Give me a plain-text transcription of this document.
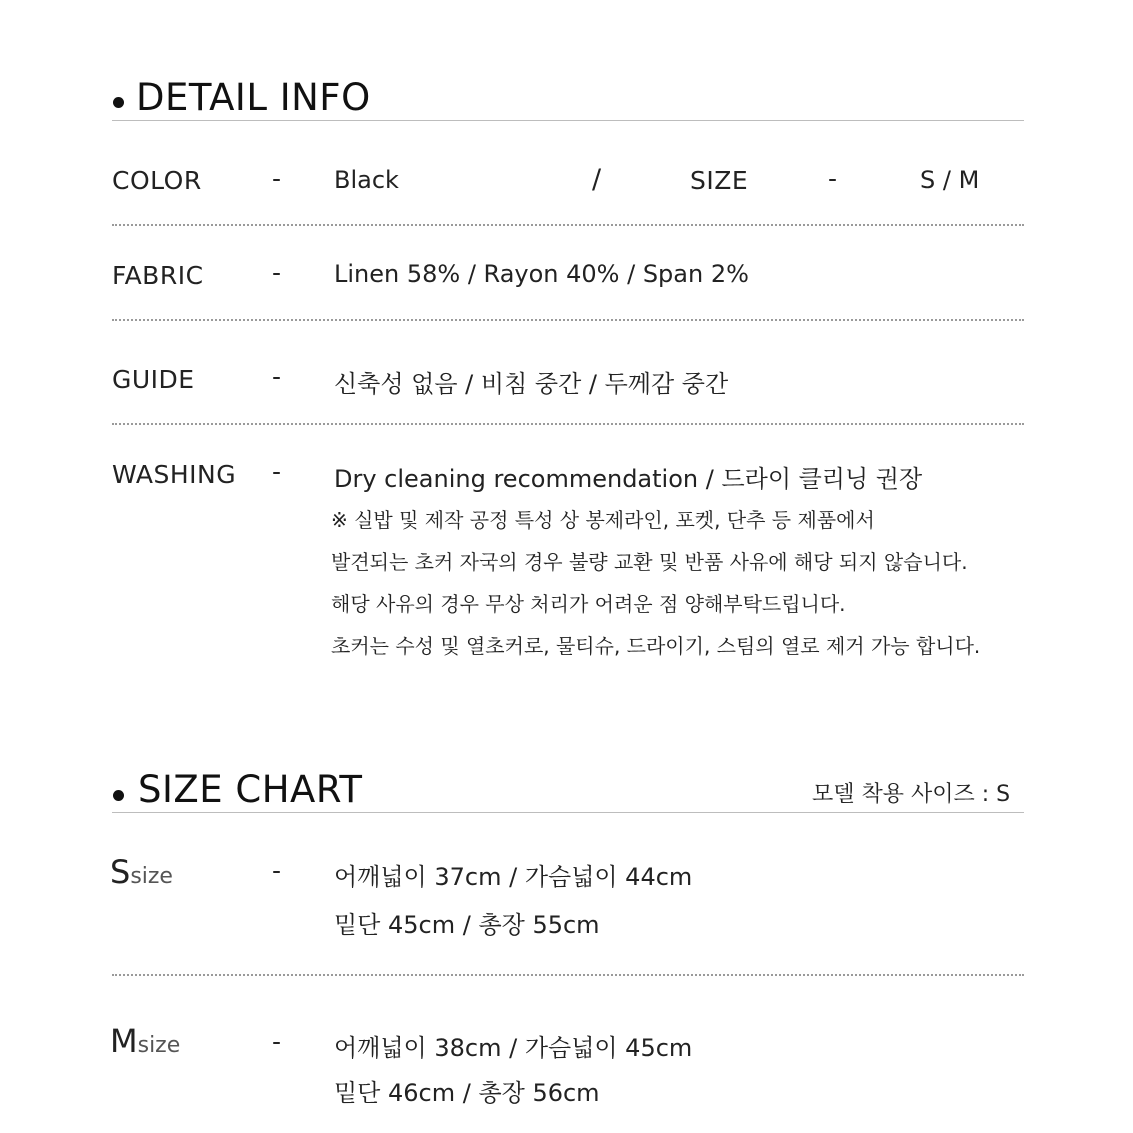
DETAIL INFO
COLOR	- Black	/	SIZE	-	S / M
FABRIC	- Linen 58% / Rayon 40% / Span 2%
GUIDE	- 신축성 없음 / 비침 중간 / 두께감 중간
WASHING - Dry cleaning recommendation / 드라이 클리닝 권장
※ 실밥 및 제작 공정 특성 상 봉제라인, 포켓, 단추 등 제품에서
발견되는 초커 자국의 경우 불량 교환 및 반품 사유에 해당 되지 않습니다.
해당 사유의 경우 무상 처리가 어려운 점 양해부탁드립니다.
초커는 수성 및 열초커로, 물티슈, 드라이기, 스팀의 열로 제거 가능 합니다.
SIZE CHART	모델 착용 사이즈 : S
Ssize	- 어깨넓이 37cm / 가슴넓이 44cm
밑단 45cm / 총장 55cm
Msize	- 어깨넓이 38cm / 가슴넓이 45cm
밑단 46cm / 총장 56cm
